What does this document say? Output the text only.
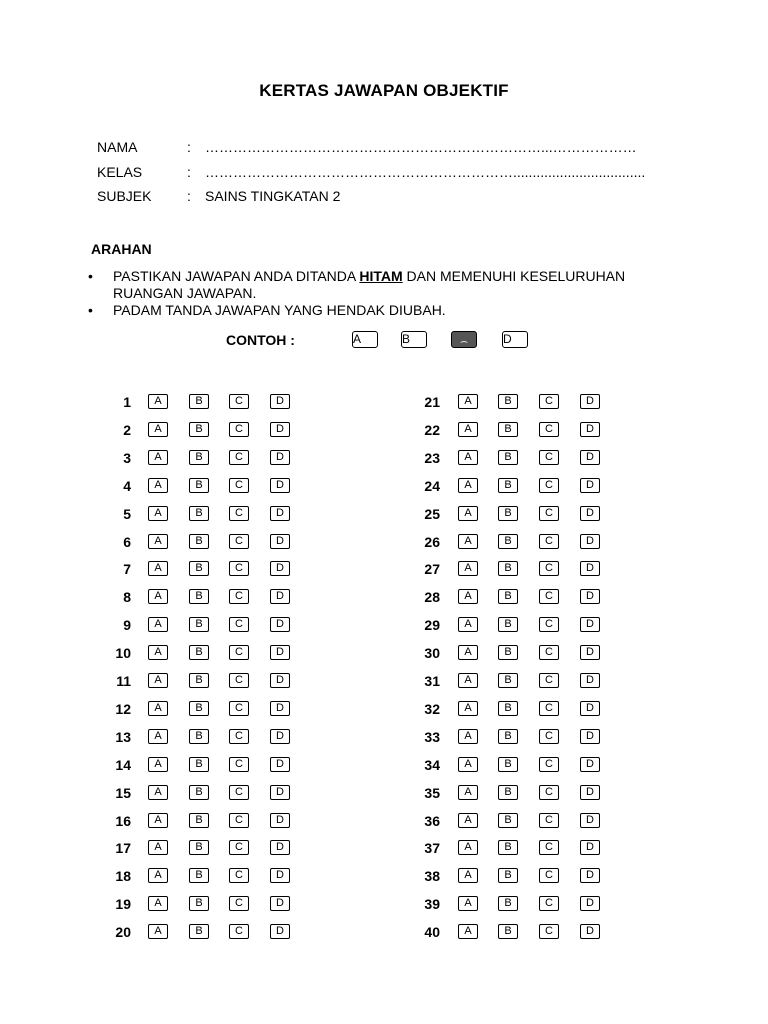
KERTAS JAWAPAN OBJEKTIF
NAMA	: ………………………………………………………………...………………
KELAS	: …………………………………………………………..................................
SUBJEK	: SAINS TINGKATAN 2
ARAHAN
• PASTIKAN JAWAPAN ANDA DITANDA HITAM DAN MEMENUHI KESELURUHAN RUANGAN JAWAPAN.
• PADAM TANDA JAWAPAN YANG HENDAK DIUBAH.
CONTOH :	A	B	⌢	D
1	A	B	C	D
2	A	B	C	D
3	A	B	C	D
4	A	B	C	D
5	A	B	C	D
6	A	B	C	D
7	A	B	C	D
8	A	B	C	D
9	A	B	C	D
10	A	B	C	D
11	A	B	C	D
12	A	B	C	D
13	A	B	C	D
14	A	B	C	D
15	A	B	C	D
16	A	B	C	D
17	A	B	C	D
18	A	B	C	D
19	A	B	C	D
20	A	B	C	D
21	A	B	C	D
22	A	B	C	D
23	A	B	C	D
24	A	B	C	D
25	A	B	C	D
26	A	B	C	D
27	A	B	C	D
28	A	B	C	D
29	A	B	C	D
30	A	B	C	D
31	A	B	C	D
32	A	B	C	D
33	A	B	C	D
34	A	B	C	D
35	A	B	C	D
36	A	B	C	D
37	A	B	C	D
38	A	B	C	D
39	A	B	C	D
40	A	B	C	D
